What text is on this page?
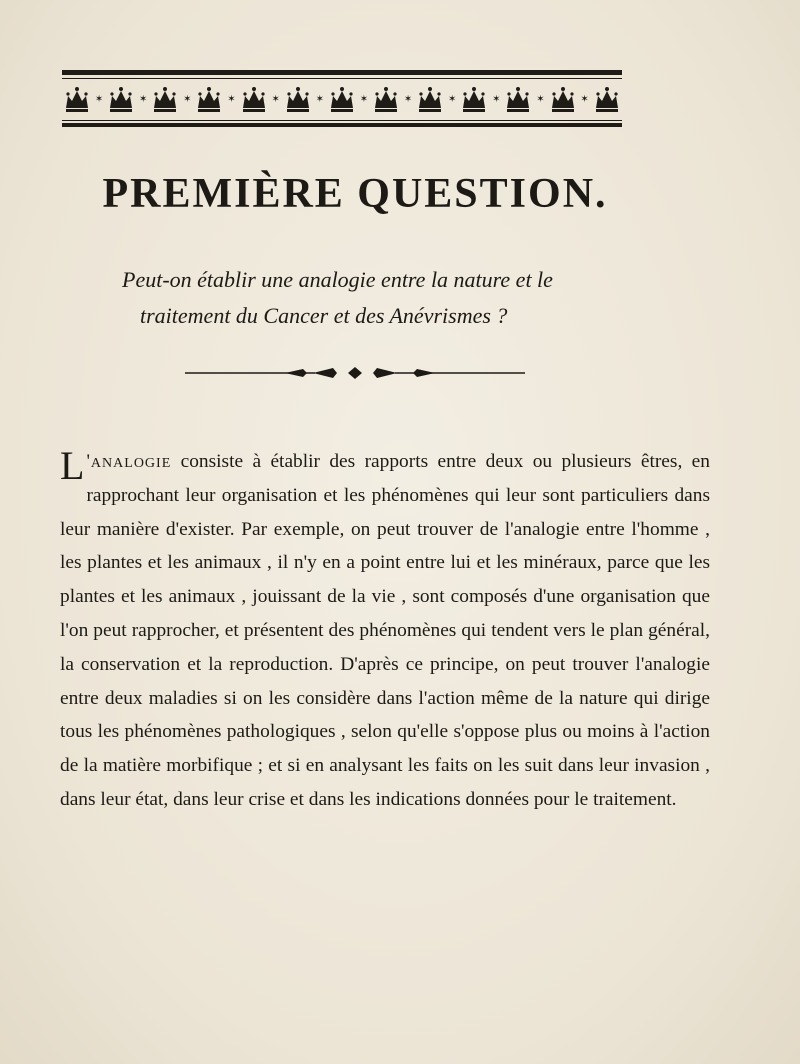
✶	✶	✶	✶	✶	✶	✶	✶	✶	✶	✶	✶
PREMIÈRE QUESTION.

Peut-on établir une analogie entre la nature et le
traitement du Cancer et des Anévrismes ?

L 'analogie consiste à établir des rapports entre deux ou plusieurs êtres, en rapprochant leur organisation et les phénomènes qui leur sont particuliers dans leur manière d'exister. Par exemple, on peut trouver de l'analogie entre l'homme , les plantes et les animaux , il n'y en a point entre lui et les minéraux, parce que les plantes et les animaux , jouissant de la vie , sont composés d'une organisation que l'on peut rapprocher, et présentent des phénomènes qui tendent vers le plan général, la conservation et la reproduction. D'après ce principe, on peut trouver l'analogie entre deux maladies si on les considère dans l'action même de la nature qui dirige tous les phénomènes pathologiques , selon qu'elle s'oppose plus ou moins à l'action de la matière morbifique ; et si en analysant les faits on les suit dans leur invasion , dans leur état, dans leur crise et dans les indications données pour le traitement.
